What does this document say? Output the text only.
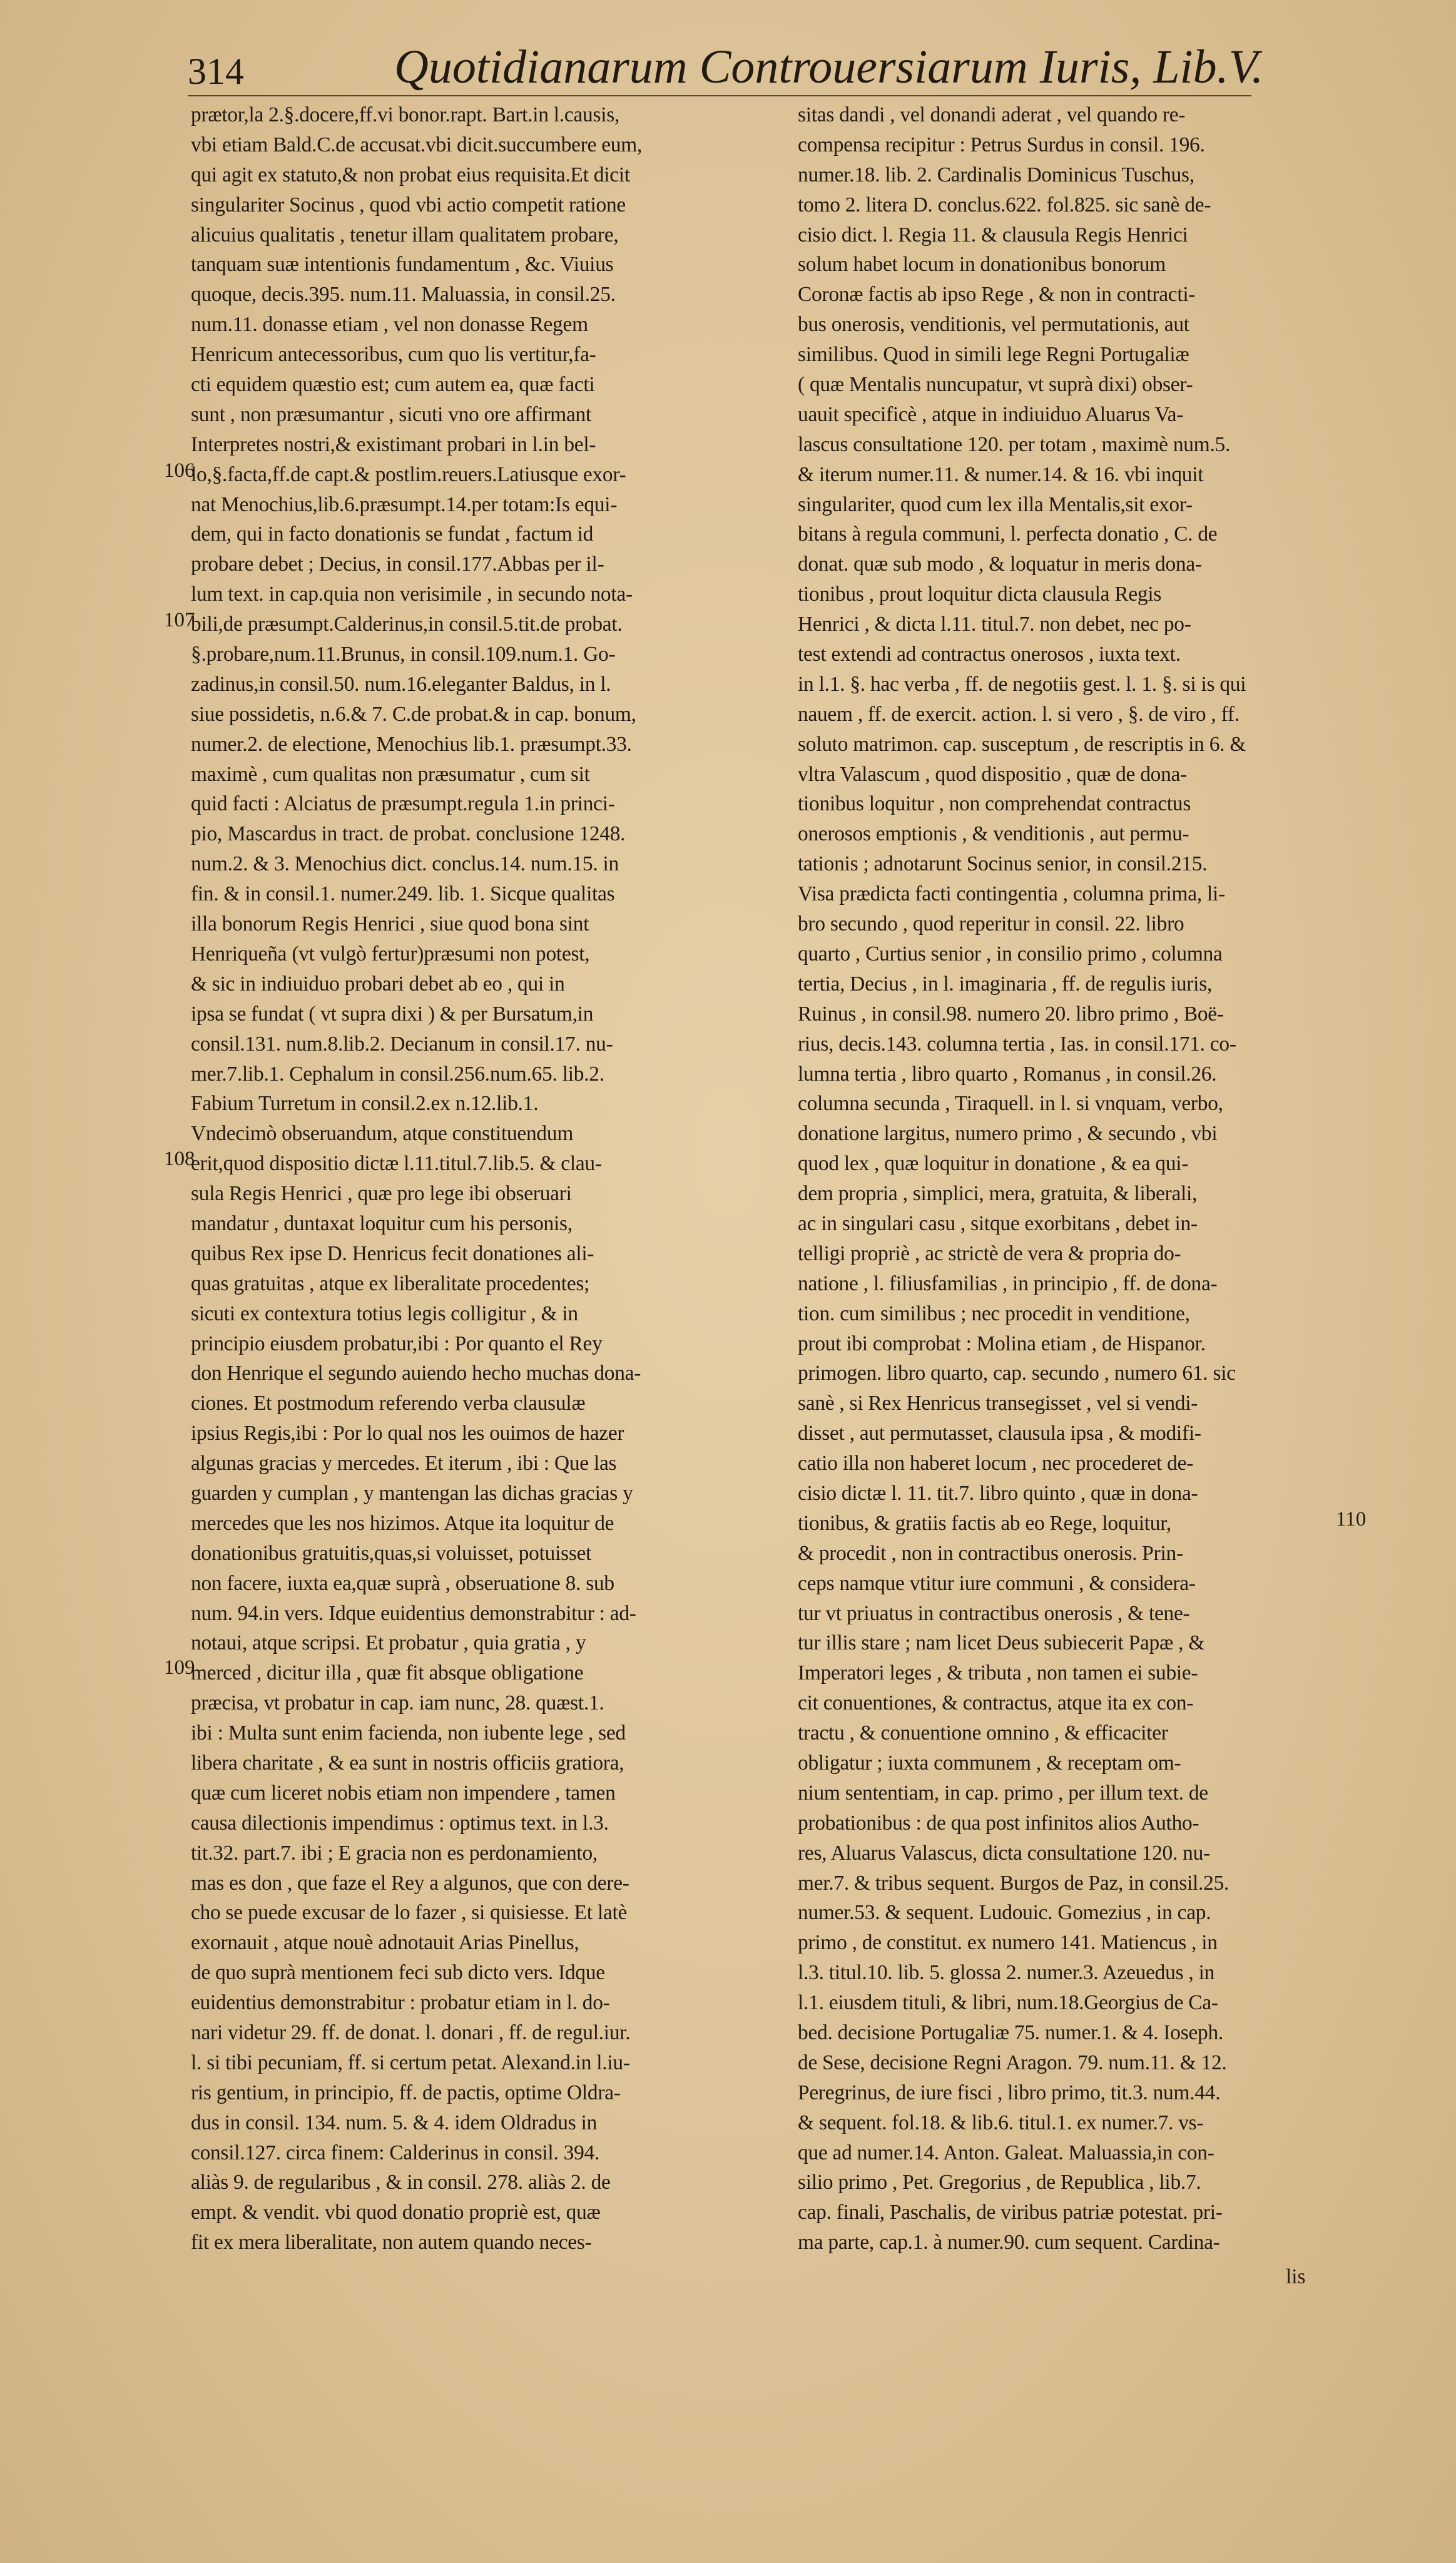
314	Quotidianarum Controuersiarum Iuris, Lib.V.
prætor,la 2.§.docere,ff.vi bonor.rapt. Bart.in l.causis,
vbi etiam Bald.C.de accusat.vbi dicit.succumbere eum,
qui agit ex statuto,& non probat eius requisita.Et dicit
singulariter Socinus , quod vbi actio competit ratione
alicuius qualitatis , tenetur illam qualitatem probare,
tanquam suæ intentionis fundamentum , &c. Viuius
quoque, decis.395. num.11. Maluassia, in consil.25.
num.11. donasse etiam , vel non donasse Regem
Henricum antecessoribus, cum quo lis vertitur,fa-
cti equidem quæstio est; cum autem ea, quæ facti
sunt , non præsumantur , sicuti vno ore affirmant
Interpretes nostri,& existimant probari in l.in bel-
lo,§.facta,ff.de capt.& postlim.reuers.Latiusque exor-
nat Menochius,lib.6.præsumpt.14.per totam:Is equi-
dem, qui in facto donationis se fundat , factum id
probare debet ; Decius, in consil.177.Abbas per il-
lum text. in cap.quia non verisimile , in secundo nota-
bili,de præsumpt.Calderinus,in consil.5.tit.de probat.
§.probare,num.11.Brunus, in consil.109.num.1. Go-
zadinus,in consil.50. num.16.eleganter Baldus, in l.
siue possidetis, n.6.& 7. C.de probat.& in cap. bonum,
numer.2. de electione, Menochius lib.1. præsumpt.33.
maximè , cum qualitas non præsumatur , cum sit
quid facti : Alciatus de præsumpt.regula 1.in princi-
pio, Mascardus in tract. de probat. conclusione 1248.
num.2. & 3. Menochius dict. conclus.14. num.15. in
fin. & in consil.1. numer.249. lib. 1. Sicque qualitas
illa bonorum Regis Henrici , siue quod bona sint
Henriqueña (vt vulgò fertur)præsumi non potest,
& sic in indiuiduo probari debet ab eo , qui in
ipsa se fundat ( vt supra dixi ) & per Bursatum,in
consil.131. num.8.lib.2. Decianum in consil.17. nu-
mer.7.lib.1. Cephalum in consil.256.num.65. lib.2.
Fabium Turretum in consil.2.ex n.12.lib.1.
Vndecimò obseruandum, atque constituendum
erit,quod dispositio dictæ l.11.titul.7.lib.5. & clau-
sula Regis Henrici , quæ pro lege ibi obseruari
mandatur , duntaxat loquitur cum his personis,
quibus Rex ipse D. Henricus fecit donationes ali-
quas gratuitas , atque ex liberalitate procedentes;
sicuti ex contextura totius legis colligitur , & in
principio eiusdem probatur,ibi : Por quanto el Rey
don Henrique el segundo auiendo hecho muchas dona-
ciones. Et postmodum referendo verba clausulæ
ipsius Regis,ibi : Por lo qual nos les ouimos de hazer
algunas gracias y mercedes. Et iterum , ibi : Que las
guarden y cumplan , y mantengan las dichas gracias y
mercedes que les nos hizimos. Atque ita loquitur de
donationibus gratuitis,quas,si voluisset, potuisset
non facere, iuxta ea,quæ suprà , obseruatione 8. sub
num. 94.in vers. Idque euidentius demonstrabitur : ad-
notaui, atque scripsi. Et probatur , quia gratia , y
merced , dicitur illa , quæ fit absque obligatione
præcisa, vt probatur in cap. iam nunc, 28. quæst.1.
ibi : Multa sunt enim facienda, non iubente lege , sed
libera charitate , & ea sunt in nostris officiis gratiora,
quæ cum liceret nobis etiam non impendere , tamen
causa dilectionis impendimus : optimus text. in l.3.
tit.32. part.7. ibi ; E gracia non es perdonamiento,
mas es don , que faze el Rey a algunos, que con dere-
cho se puede excusar de lo fazer , si quisiesse. Et latè
exornauit , atque nouè adnotauit Arias Pinellus,
de quo suprà mentionem feci sub dicto vers. Idque
euidentius demonstrabitur : probatur etiam in l. do-
nari videtur 29. ff. de donat. l. donari , ff. de regul.iur.
l. si tibi pecuniam, ff. si certum petat. Alexand.in l.iu-
ris gentium, in principio, ff. de pactis, optime Oldra-
dus in consil. 134. num. 5. & 4. idem Oldradus in
consil.127. circa finem: Calderinus in consil. 394.
aliàs 9. de regularibus , & in consil. 278. aliàs 2. de
empt. & vendit. vbi quod donatio propriè est, quæ
fit ex mera liberalitate, non autem quando neces-
sitas dandi , vel donandi aderat , vel quando re-
compensa recipitur : Petrus Surdus in consil. 196.
numer.18. lib. 2. Cardinalis Dominicus Tuschus,
tomo 2. litera D. conclus.622. fol.825. sic sanè de-
cisio dict. l. Regia 11. & clausula Regis Henrici
solum habet locum in donationibus bonorum
Coronæ factis ab ipso Rege , & non in contracti-
bus onerosis, venditionis, vel permutationis, aut
similibus. Quod in simili lege Regni Portugaliæ
( quæ Mentalis nuncupatur, vt suprà dixi) obser-
uauit specificè , atque in indiuiduo Aluarus Va-
lascus consultatione 120. per totam , maximè num.5.
& iterum numer.11. & numer.14. & 16. vbi inquit
singulariter, quod cum lex illa Mentalis,sit exor-
bitans à regula communi, l. perfecta donatio , C. de
donat. quæ sub modo , & loquatur in meris dona-
tionibus , prout loquitur dicta clausula Regis
Henrici , & dicta l.11. titul.7. non debet, nec po-
test extendi ad contractus onerosos , iuxta text.
in l.1. §. hac verba , ff. de negotiis gest. l. 1. §. si is qui
nauem , ff. de exercit. action. l. si vero , §. de viro , ff.
soluto matrimon. cap. susceptum , de rescriptis in 6. &
vltra Valascum , quod dispositio , quæ de dona-
tionibus loquitur , non comprehendat contractus
onerosos emptionis , & venditionis , aut permu-
tationis ; adnotarunt Socinus senior, in consil.215.
Visa prædicta facti contingentia , columna prima, li-
bro secundo , quod reperitur in consil. 22. libro
quarto , Curtius senior , in consilio primo , columna
tertia, Decius , in l. imaginaria , ff. de regulis iuris,
Ruinus , in consil.98. numero 20. libro primo , Boë-
rius, decis.143. columna tertia , Ias. in consil.171. co-
lumna tertia , libro quarto , Romanus , in consil.26.
columna secunda , Tiraquell. in l. si vnquam, verbo,
donatione largitus, numero primo , & secundo , vbi
quod lex , quæ loquitur in donatione , & ea qui-
dem propria , simplici, mera, gratuita, & liberali,
ac in singulari casu , sitque exorbitans , debet in-
telligi propriè , ac strictè de vera & propria do-
natione , l. filiusfamilias , in principio , ff. de dona-
tion. cum similibus ; nec procedit in venditione,
prout ibi comprobat : Molina etiam , de Hispanor.
primogen. libro quarto, cap. secundo , numero 61. sic
sanè , si Rex Henricus transegisset , vel si vendi-
disset , aut permutasset, clausula ipsa , & modifi-
catio illa non haberet locum , nec procederet de-
cisio dictæ l. 11. tit.7. libro quinto , quæ in dona-
tionibus, & gratiis factis ab eo Rege, loquitur,
& procedit , non in contractibus onerosis. Prin-
ceps namque vtitur iure communi , & considera-
tur vt priuatus in contractibus onerosis , & tene-
tur illis stare ; nam licet Deus subiecerit Papæ , &
Imperatori leges , & tributa , non tamen ei subie-
cit conuentiones, & contractus, atque ita ex con-
tractu , & conuentione omnino , & efficaciter
obligatur ; iuxta communem , & receptam om-
nium sententiam, in cap. primo , per illum text. de
probationibus : de qua post infinitos alios Autho-
res, Aluarus Valascus, dicta consultatione 120. nu-
mer.7. & tribus sequent. Burgos de Paz, in consil.25.
numer.53. & sequent. Ludouic. Gomezius , in cap.
primo , de constitut. ex numero 141. Matiencus , in
l.3. titul.10. lib. 5. glossa 2. numer.3. Azeuedus , in
l.1. eiusdem tituli, & libri, num.18.Georgius de Ca-
bed. decisione Portugaliæ 75. numer.1. & 4. Ioseph.
de Sese, decisione Regni Aragon. 79. num.11. & 12.
Peregrinus, de iure fisci , libro primo, tit.3. num.44.
& sequent. fol.18. & lib.6. titul.1. ex numer.7. vs-
que ad numer.14. Anton. Galeat. Maluassia,in con-
silio primo , Pet. Gregorius , de Republica , lib.7.
cap. finali, Paschalis, de viribus patriæ potestat. pri-
ma parte, cap.1. à numer.90. cum sequent. Cardina-
106
107
108
109
110
lis
